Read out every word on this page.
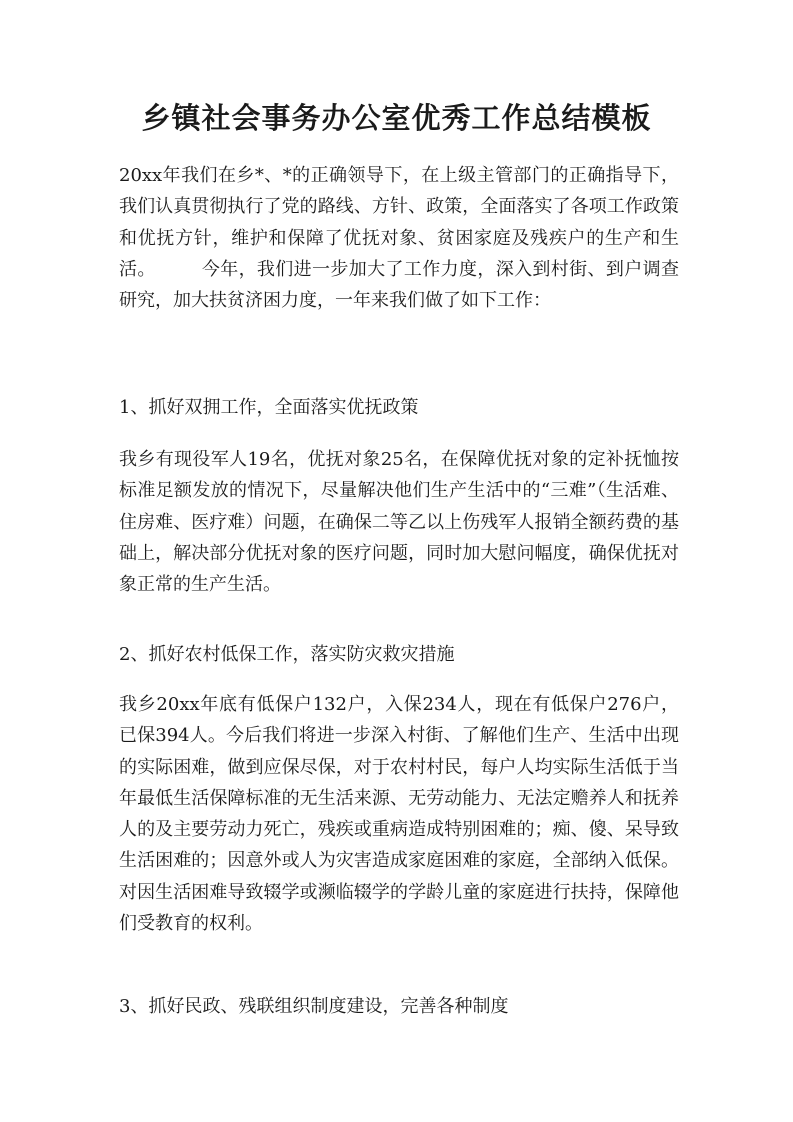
乡镇社会事务办公室优秀工作总结模板

20xx年我们在乡*、*的正确领导下，在上级主管部门的正确指导下，我们认真贯彻执行了党的路线、方针、政策，全面落实了各项工作政策和优抚方针，维护和保障了优抚对象、贫困家庭及残疾户的生产和生活。　　　今年，我们进一步加大了工作力度，深入到村街、到户调查研究，加大扶贫济困力度，一年来我们做了如下工作：

1、抓好双拥工作，全面落实优抚政策

我乡有现役军人19名，优抚对象25名，在保障优抚对象的定补抚恤按标准足额发放的情况下，尽量解决他们生产生活中的“三难”（生活难、住房难、医疗难）问题，在确保二等乙以上伤残军人报销全额药费的基础上，解决部分优抚对象的医疗问题，同时加大慰问幅度，确保优抚对象正常的生产生活。

2、抓好农村低保工作，落实防灾救灾措施

我乡20xx年底有低保户132户，入保234人，现在有低保户276户，已保394人。今后我们将进一步深入村街、了解他们生产、生活中出现的实际困难，做到应保尽保，对于农村村民，每户人均实际生活低于当年最低生活保障标准的无生活来源、无劳动能力、无法定赡养人和抚养人的及主要劳动力死亡，残疾或重病造成特别困难的；痴、傻、呆导致生活困难的；因意外或人为灾害造成家庭困难的家庭，全部纳入低保。对因生活困难导致辍学或濒临辍学的学龄儿童的家庭进行扶持，保障他们受教育的权利。

3、抓好民政、残联组织制度建设，完善各种制度
